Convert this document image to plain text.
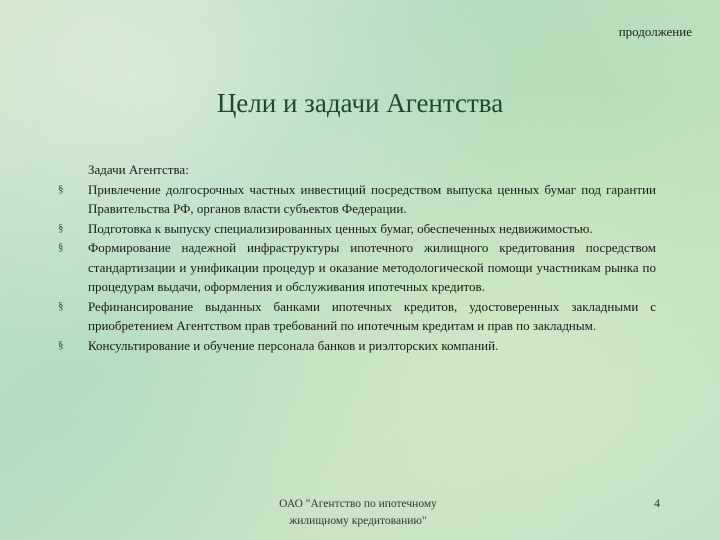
продолжение
Цели и задачи Агентства

Задачи Агентства:

§ Привлечение долгосрочных частных инвестиций посредством выпуска ценных бумаг под гарантии Правительства РФ, органов власти субъектов Федерации.

§ Подготовка к выпуску специализированных ценных бумаг, обеспеченных недвижимостью.

§ Формирование надежной инфраструктуры ипотечного жилищного кредитования посредством стандартизации и унификации процедур и оказание методологической помощи участникам рынка по процедурам выдачи, оформления и обслуживания ипотечных кредитов.

§ Рефинансирование выданных банками ипотечных кредитов, удостоверенных закладными с приобретением Агентством прав требований по ипотечным кредитам и прав по закладным.

§ Консультирование и обучение персонала банков и риэлторских компаний.

ОАО "Агентство по ипотечному
жилищному кредитованию"
4
